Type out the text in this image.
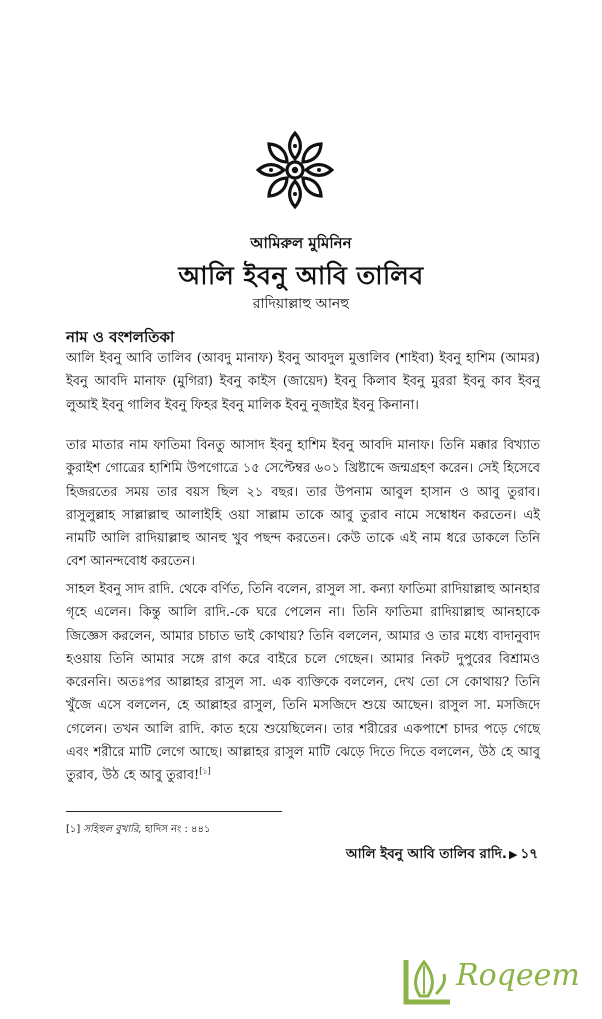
আমিরুল মুমিনিন
আলি ইবনু আবি তালিব
রাদিয়াল্লাহু আনহু
নাম ও বংশলতিকা

আলি ইবনু আবি তালিব (আবদু মানাফ) ইবনু আবদুল মুত্তালিব (শাইবা) ইবনু হাশিম (আমর) ইবনু আবদি মানাফ (মুগিরা) ইবনু কাইস (জায়েদ) ইবনু কিলাব ইবনু মুররা ইবনু কাব ইবনু লুআই ইবনু গালিব ইবনু ফিহর ইবনু মালিক ইবনু নুজাইর ইবনু কিনানা।

তার মাতার নাম ফাতিমা বিনতু আসাদ ইবনু হাশিম ইবনু আবদি মানাফ। তিনি মক্কার বিখ্যাত কুরাইশ গোত্রের হাশিমি উপগোত্রে ১৫ সেপ্টেম্বর ৬০১ খ্রিষ্টাব্দে জন্মগ্রহণ করেন। সেই হিসেবে হিজরতের সময় তার বয়স ছিল ২১ বছর। তার উপনাম আবুল হাসান ও আবু তুরাব। রাসুলুল্লাহ সাল্লাল্লাহু আলাইহি ওয়া সাল্লাম তাকে আবু তুরাব নামে সম্বোধন করতেন। এই নামটি আলি রাদিয়াল্লাহু আনহু খুব পছন্দ করতেন। কেউ তাকে এই নাম ধরে ডাকলে তিনি বেশ আনন্দবোধ করতেন।

সাহল ইবনু সাদ রাদি. থেকে বর্ণিত, তিনি বলেন, রাসুল সা. কন্যা ফাতিমা রাদিয়াল্লাহু আনহার গৃহে এলেন। কিন্তু আলি রাদি.-কে ঘরে পেলেন না। তিনি ফাতিমা রাদিয়াল্লাহু আনহাকে জিজ্ঞেস করলেন, আমার চাচাত ভাই কোথায়? তিনি বললেন, আমার ও তার মধ্যে বাদানুবাদ হওয়ায় তিনি আমার সঙ্গে রাগ করে বাইরে চলে গেছেন। আমার নিকট দুপুরের বিশ্রামও করেননি। অতঃপর আল্লাহর রাসুল সা. এক ব্যক্তিকে বললেন, দেখ তো সে কোথায়? তিনি খুঁজে এসে বললেন, হে আল্লাহর রাসুল, তিনি মসজিদে শুয়ে আছেন। রাসুল সা. মসজিদে গেলেন। তখন আলি রাদি. কাত হয়ে শুয়েছিলেন। তার শরীরের একপাশে চাদর পড়ে গেছে এবং শরীরে মাটি লেগে আছে। আল্লাহর রাসুল মাটি ঝেড়ে দিতে দিতে বললেন, উঠ হে আবু তুরাব, উঠ হে আবু তুরাব![১]

[১] সহিহুল বুখারি, হাদিস নং : ৪৪১
আলি ইবনু আবি তালিব রাদি. ▶ ১৭
Roqeem
